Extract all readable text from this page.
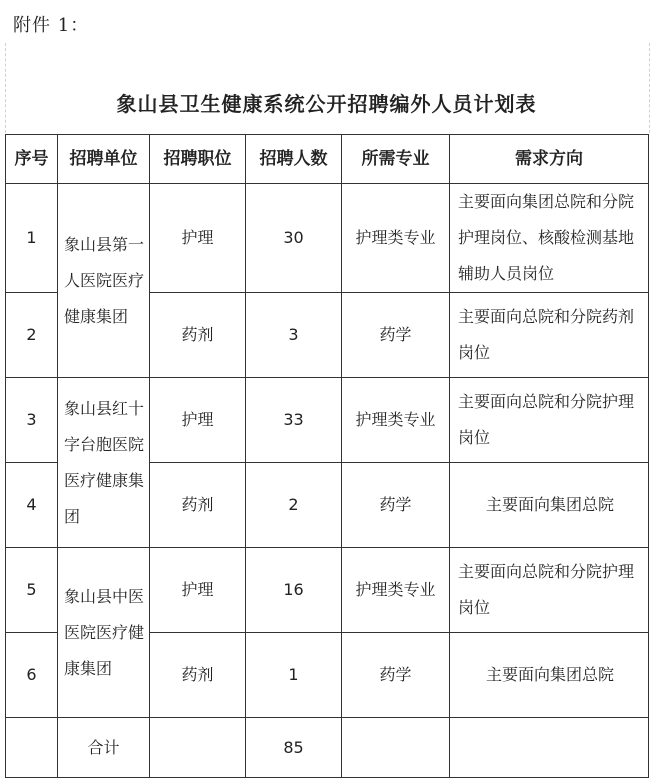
附件 1：
象山县卫生健康系统公开招聘编外人员计划表
序号	招聘单位	招聘职位	招聘人数	所需专业	需求方向
1	象山县第一人医院医疗健康集团	护理	30	护理类专业	主要面向集团总院和分院护理岗位、核酸检测基地辅助人员岗位
2		药剂	3	药学	主要面向总院和分院药剂岗位
3	象山县红十字台胞医院医疗健康集团	护理	33	护理类专业	主要面向总院和分院护理岗位
4		药剂	2	药学	主要面向集团总院
5	象山县中医医院医疗健康集团	护理	16	护理类专业	主要面向总院和分院护理岗位
6		药剂	1	药学	主要面向集团总院
	合计		85		
